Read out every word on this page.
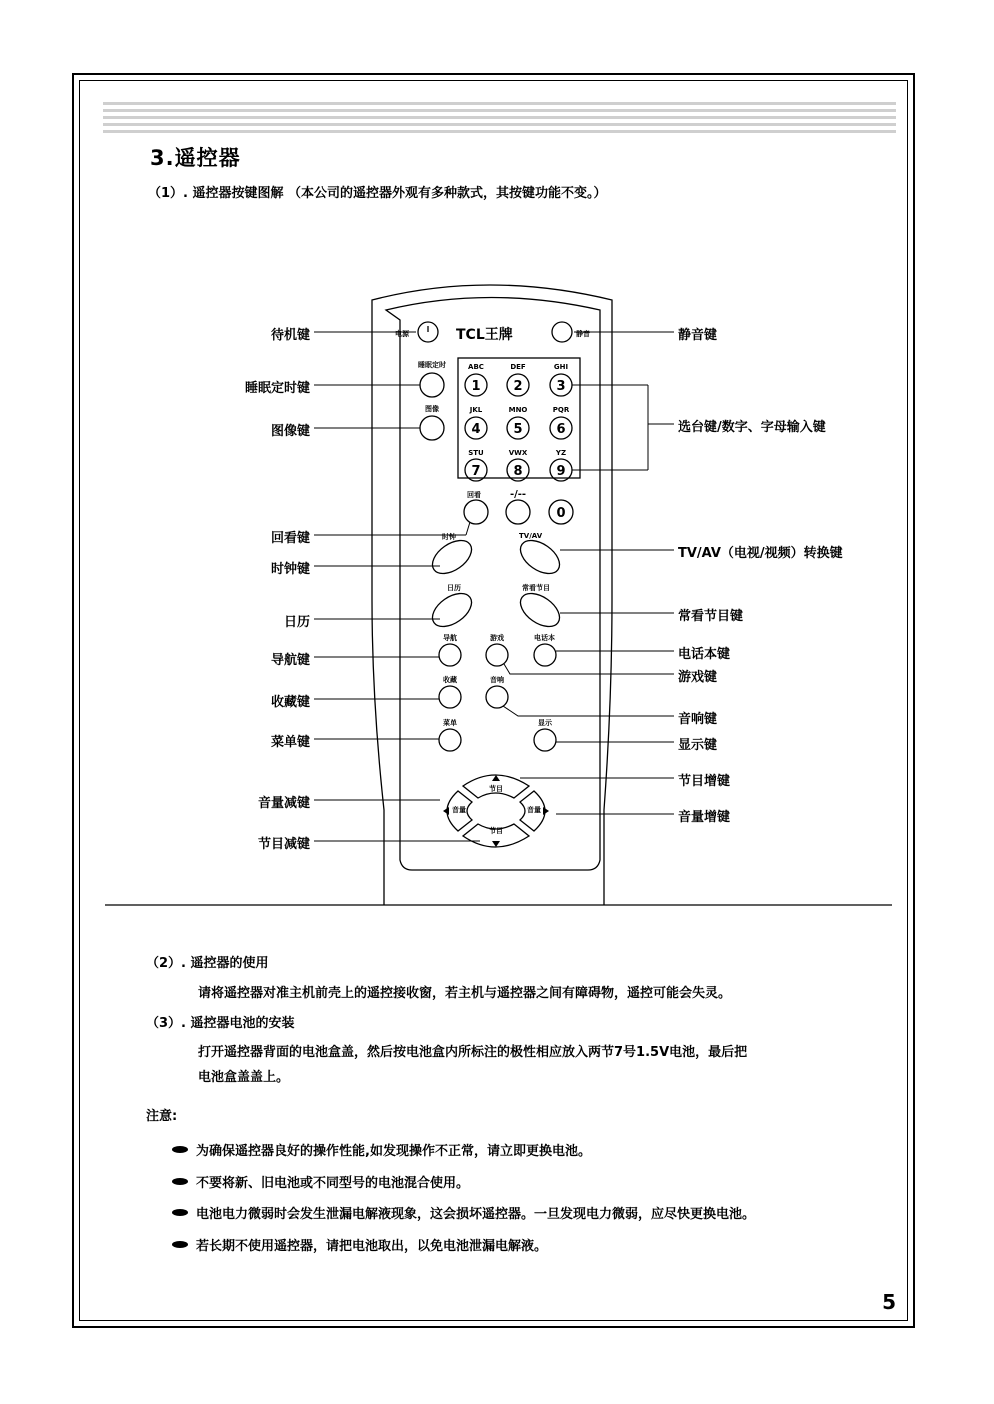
3.遥控器
（1）. 遥控器按键图解 （本公司的遥控器外观有多种款式，其按键功能不变。）
1	2	3
4	5	6
7	8	9
0
ABC	DEF	GHI
JKL	MNO	PQR
STU	VWX	YZ
-/--
TCL王牌
电源	静音
睡眠定时
图像
回看
时钟	TV/AV
日历	常看节目
导航	游戏	电话本
收藏	音响
菜单	显示
节目
节目
音量	音量
待机键
睡眠定时键
图像键
回看键
时钟键
日历
导航键
收藏键
菜单键
音量减键
节目减键
静音键
选台键/数字、字母输入键
TV/AV（电视/视频）转换键
常看节目键
电话本键
游戏键
音响键
显示键
节目增键
音量增键
（2）. 遥控器的使用
请将遥控器对准主机前壳上的遥控接收窗，若主机与遥控器之间有障碍物，遥控可能会失灵。
（3）. 遥控器电池的安装
打开遥控器背面的电池盒盖，然后按电池盒内所标注的极性相应放入两节7号1.5V电池，最后把
电池盒盖盖上。
注意:
为确保遥控器良好的操作性能,如发现操作不正常，请立即更换电池。
不要将新、旧电池或不同型号的电池混合使用。
电池电力微弱时会发生泄漏电解液现象，这会损坏遥控器。一旦发现电力微弱，应尽快更换电池。
若长期不使用遥控器，请把电池取出，以免电池泄漏电解液。
5
